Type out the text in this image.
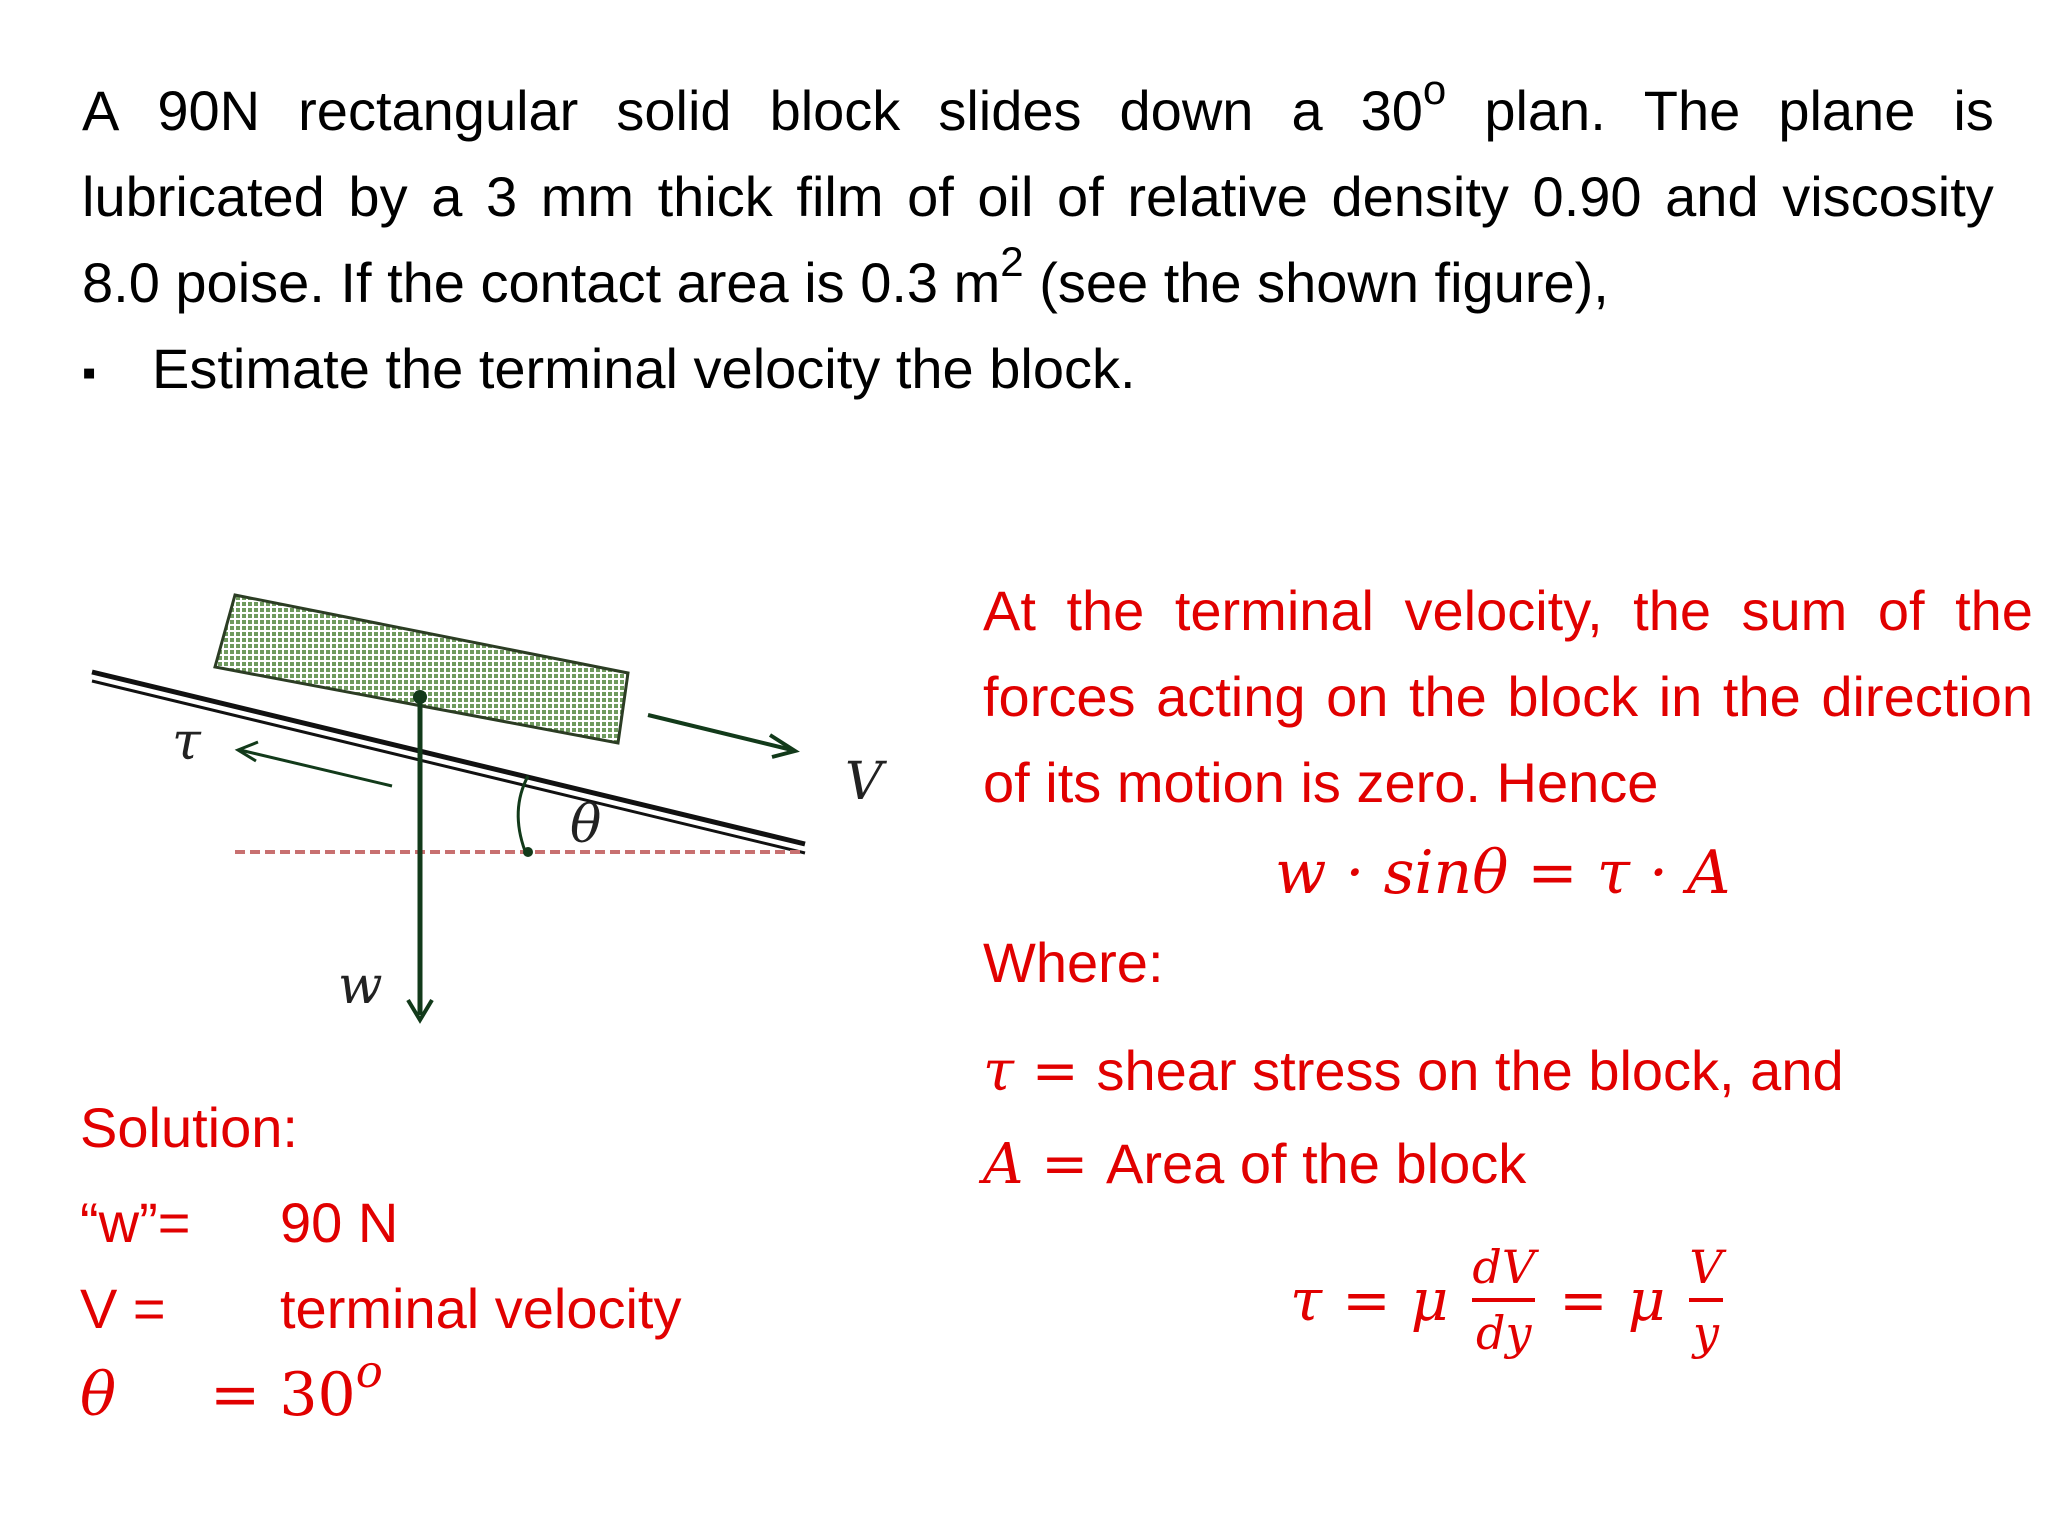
A 90N rectangular solid block slides down a 30$^o$ plan. The plane is
lubricated by a 3 mm thick film of oil of relative density 0.90 and viscosity
8.0 poise. If the contact area is 0.3 $m^2$ (see the shown figure),
▪ Estimate the terminal velocity the block.
τ
V
θ
w
At the terminal velocity, the sum of the
forces acting on the block in the direction
of its motion is zero. Hence
w · sinθ = τ · A
Where:
τ = shear stress on the block, and
A = Area of the block
τ = μ $\frac{dV}{dy} = \mu \frac{V}{y}$
Solution:
“w”= 90 N
V = terminal velocity
$\theta = 30^o$
